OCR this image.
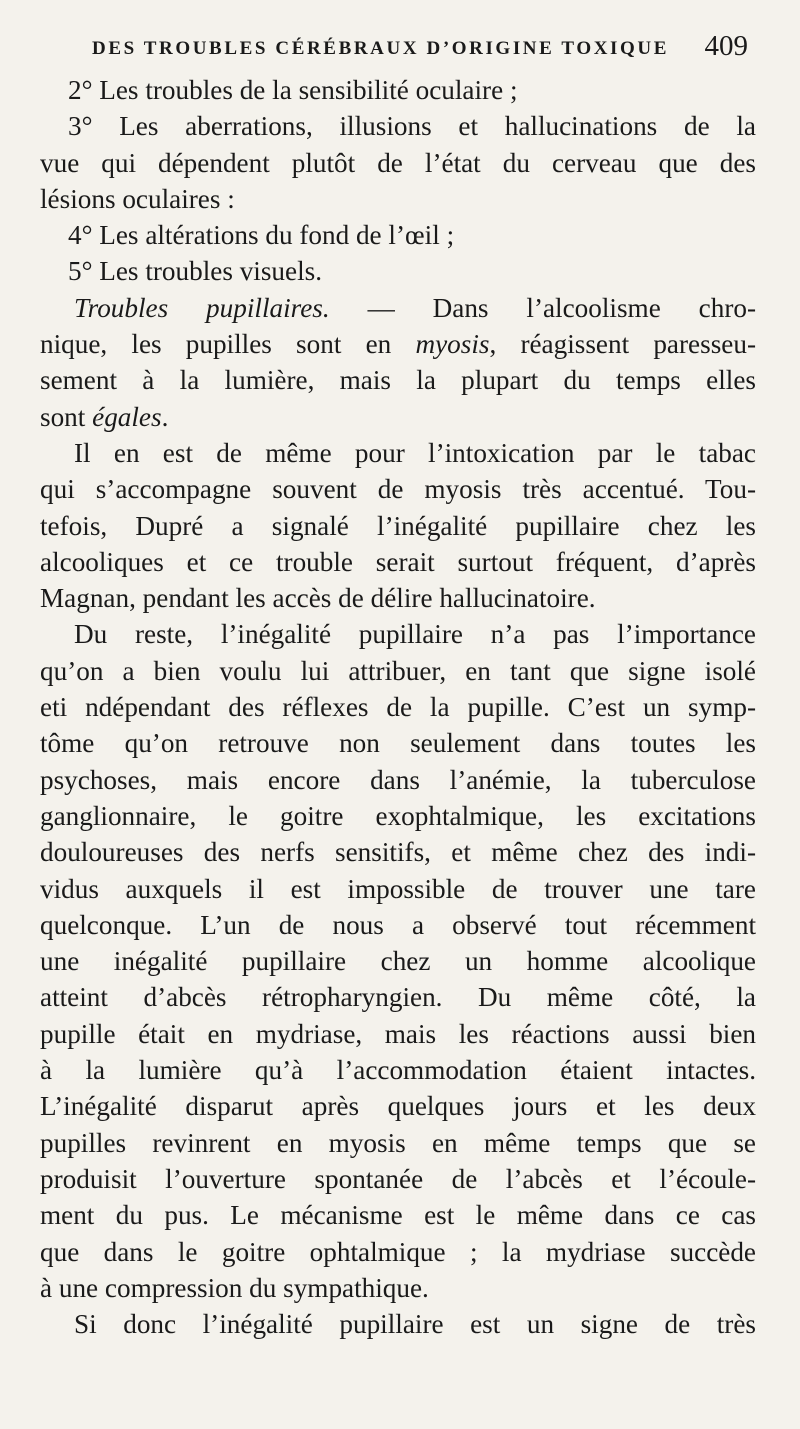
DES TROUBLES CÉRÉBRAUX D’ORIGINE TOXIQUE 409
2° Les troubles de la sensibilité oculaire ;
3° Les aberrations, illusions et hallucinations de la
vue qui dépendent plutôt de l’état du cerveau que des
lésions oculaires :
4° Les altérations du fond de l’œil ;
5° Les troubles visuels.
Troubles pupillaires. — Dans l’alcoolisme chro-
nique, les pupilles sont en myosis, réagissent paresseu-
sement à la lumière, mais la plupart du temps elles
sont égales.
Il en est de même pour l’intoxication par le tabac
qui s’accompagne souvent de myosis très accentué. Tou-
tefois, Dupré a signalé l’inégalité pupillaire chez les
alcooliques et ce trouble serait surtout fréquent, d’après
Magnan, pendant les accès de délire hallucinatoire.
Du reste, l’inégalité pupillaire n’a pas l’importance
qu’on a bien voulu lui attribuer, en tant que signe isolé
eti ndépendant des réflexes de la pupille. C’est un symp-
tôme qu’on retrouve non seulement dans toutes les
psychoses, mais encore dans l’anémie, la tuberculose
ganglionnaire, le goitre exophtalmique, les excitations
douloureuses des nerfs sensitifs, et même chez des indi-
vidus auxquels il est impossible de trouver une tare
quelconque. L’un de nous a observé tout récemment
une inégalité pupillaire chez un homme alcoolique
atteint d’abcès rétropharyngien. Du même côté, la
pupille était en mydriase, mais les réactions aussi bien
à la lumière qu’à l’accommodation étaient intactes.
L’inégalité disparut après quelques jours et les deux
pupilles revinrent en myosis en même temps que se
produisit l’ouverture spontanée de l’abcès et l’écoule-
ment du pus. Le mécanisme est le même dans ce cas
que dans le goitre ophtalmique ; la mydriase succède
à une compression du sympathique.
Si donc l’inégalité pupillaire est un signe de très
